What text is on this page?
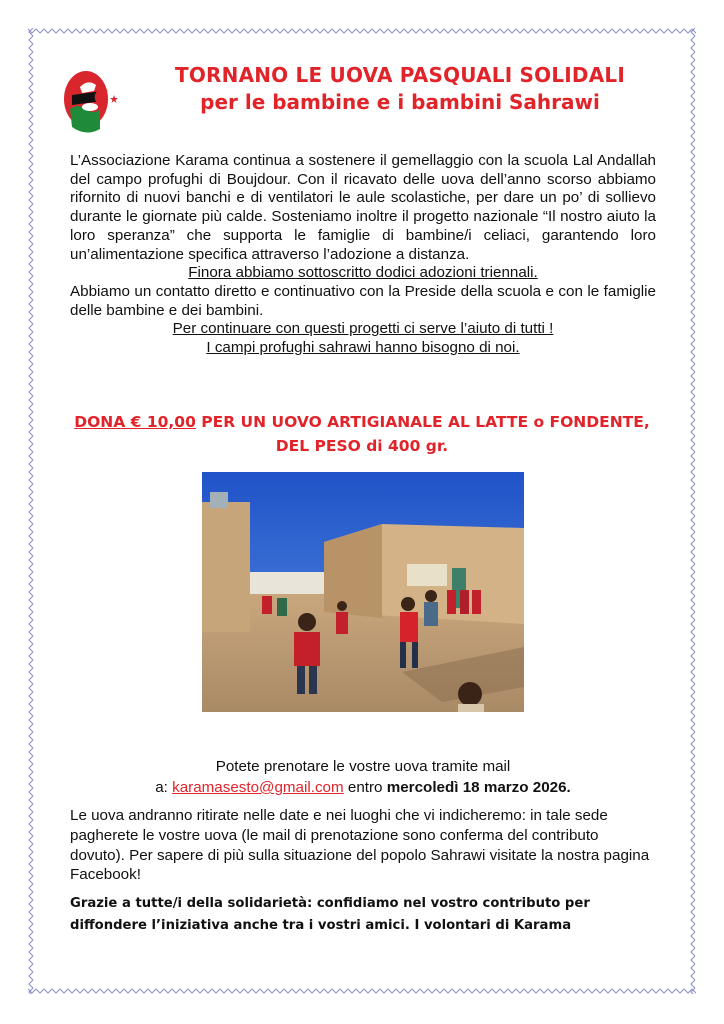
TORNANO LE UOVA PASQUALI SOLIDALI
per le bambine e i bambini Sahrawi

L’Associazione Karama continua a sostenere il gemellaggio con la scuola Lal Andallah del campo profughi di Boujdour. Con il ricavato delle uova dell’anno scorso abbiamo rifornito di nuovi banchi e di ventilatori le aule scolastiche, per dare un po’ di sollievo durante le giornate più calde. Sosteniamo inoltre il progetto nazionale “Il nostro aiuto la loro speranza” che supporta le famiglie di bambine/i celiaci, garantendo loro un’alimentazione specifica attraverso l’adozione a distanza.

Finora abbiamo sottoscritto dodici adozioni triennali.

Abbiamo un contatto diretto e continuativo con la Preside della scuola e con le famiglie delle bambine e dei bambini.

Per continuare con questi progetti ci serve l’aiuto di tutti !

I campi profughi sahrawi hanno bisogno di noi.

DONA € 10,00 PER UN UOVO ARTIGIANALE AL LATTE o FONDENTE,
DEL PESO di 400 gr.
Potete prenotare le vostre uova tramite mail
a: karamasesto@gmail.com entro mercoledì 18 marzo 2026.
Le uova andranno ritirate nelle date e nei luoghi che vi indicheremo: in tale sede pagherete le vostre uova (le mail di prenotazione sono conferma del contributo dovuto). Per sapere di più sulla situazione del popolo Sahrawi visitate la nostra pagina Facebook!
Grazie a tutte/i della solidarietà: confidiamo nel vostro contributo per diffondere l’iniziativa anche tra i vostri amici. I volontari di Karama
